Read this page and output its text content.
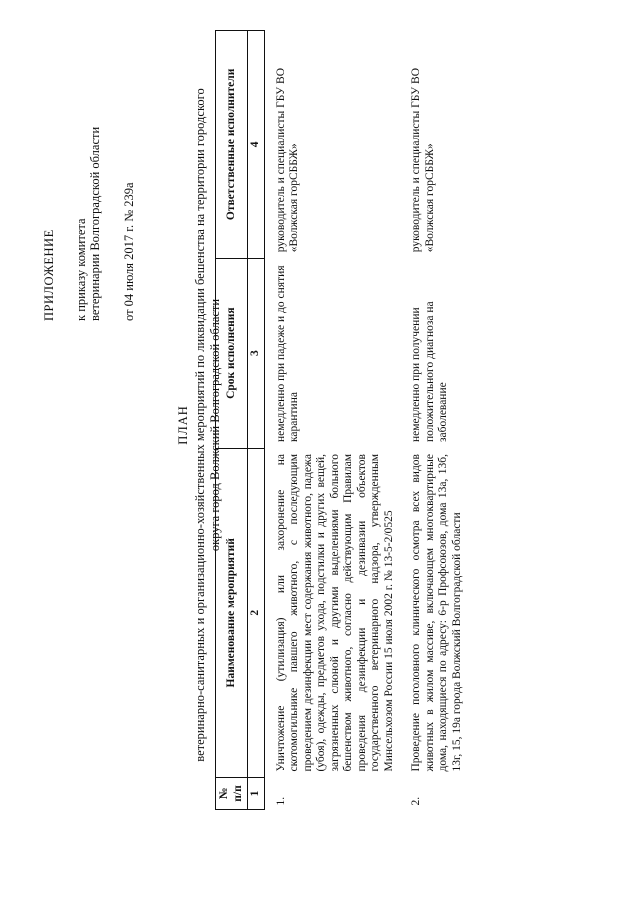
ПРИЛОЖЕНИЕ к приказу комитета ветеринарии Волгоградской области от 04 июля 2017 г. № 239а
ПЛАН ветеринарно-санитарных и организационно-хозяйственных мероприятий по ликвидации бешенства на территории городского округа город Волжский Волгоградской области
№ п/п	Наименование мероприятий	Срок исполнения	Ответственные исполнители
1	2	3	4
1.	Уничтожение (утилизация) или захоронение на скотомогильнике павшего животного, с последующим проведением дезинфекции мест содержания животного, падежа (убоя), одежды, предметов ухода, подстилки и других вещей, загрязненных слюной и другими выделениями больного бешенством животного, согласно действующим Правилам проведения дезинфекции и дезинвазии объектов государственного ветеринарного надзора, утвержденным Минсельхозом России 15 июля 2002 г. № 13-5-2/0525	немедленно при падеже и до снятия карантина	руководитель и специалисты ГБУ ВО «Волжская горСББЖ»
2.	Проведение поголовного клинического осмотра всех видов животных в жилом массиве, включающем многоквартирные дома, находящиеся по адресу: 6-р Профсоюзов, дома 13а, 13б, 13г, 15, 19а города Волжский Волгоградской области	немедленно при получении положительного диагноза на заболевание	руководитель и специалисты ГБУ ВО «Волжская горСББЖ»
